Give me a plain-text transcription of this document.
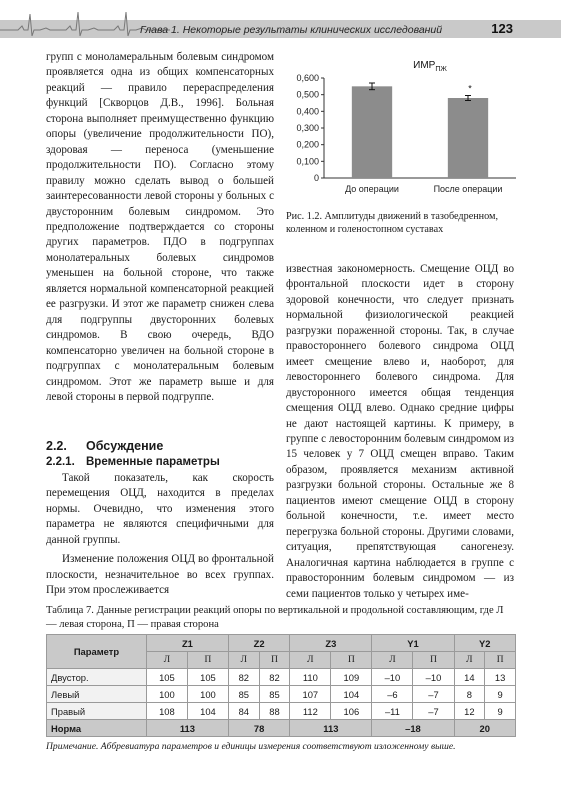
Глава 1. Некоторые результаты клинических исследований	123

групп с моноламеральным болевым синдромом проявляется одна из общих компенсаторных реакций — правило перераспределения функций [Скворцов Д.В., 1996]. Больная сторона выполняет преимущественно функцию опоры (увеличение продолжительности ПО), здоровая — переноса (уменьшение продолжительности ПО). Согласно этому правилу можно сделать вывод о большей заинтересованности левой стороны у больных с двусторонним болевым синдромом. Это предположение подтверждается со стороны других параметров. ПДО в подгруппах монолатеральных болевых синдромов уменьшен на больной стороне, что также является нормальной компенсаторной реакцией ее разгрузки. И этот же параметр снижен слева для подгруппы двусторонних болевых синдромов. В свою очередь, ВДО компенсаторно увеличен на больной стороне в подгруппах с монолатеральным болевым синдромом. Этот же параметр выше и для левой стороны в первой подгруппе.

2.2.	Обсуждение
2.2.1. Временные параметры

Такой показатель, как скорость перемещения ОЦД, находится в пределах нормы. Очевидно, что изменения этого параметра не являются специфичными для данной группы.

Изменение положения ОЦД во фронтальной плоскости, незначительное во всех группах. При этом прослеживается

$ИМР_{ПЖ}$
0
0,100
0,200
0,300
0,400
0,500
0,600
До операции
*
После операции
Рис. 1.2. Амплитуды движений в тазобедренном, коленном и голеностопном суставах

известная закономерность. Смещение ОЦД во фронтальной плоскости идет в сторону здоровой конечности, что следует признать нормальной физиологической реакцией разгрузки пораженной стороны. Так, в случае правостороннего болевого синдрома ОЦД имеет смещение влево и, наоборот, для левостороннего болевого синдрома. Для двусторонного имеется общая тенденция смещения ОЦД влево. Однако средние цифры не дают настоящей картины. К примеру, в группе с левосторонним болевым синдромом из 15 человек у 7 ОЦД смещен вправо. Таким образом, проявляется механизм активной разгрузки больной стороны. Остальные же 8 пациентов имеют смещение ОЦД в сторону больной конечности, т.е. имеет место перегрузка больной стороны. Другими словами, ситуация, препятствующая саногенезу. Аналогичная картина наблюдается в группе с правосторонним болевым синдромом — из семи пациентов только у четырех име-

Таблица 7. Данные регистрации реакций опоры по вертикальной и продольной составляющим, где Л — левая сторона, П — правая сторона
Параметр	Z1		Z2		Z3		Y1		Y2	
	Л	П	Л	П	Л	П	Л	П	Л	П
Двустор.	105	105	82	82	110	109	–10	–10	14	13
Левый	100	100	85	85	107	104	–6	–7	8	9
Правый	108	104	84	88	112	106	–11	–7	12	9
Норма	113		78		113		–18		20	
Примечание. Аббревиатура параметров и единицы измерения соответствуют изложенному выше.
